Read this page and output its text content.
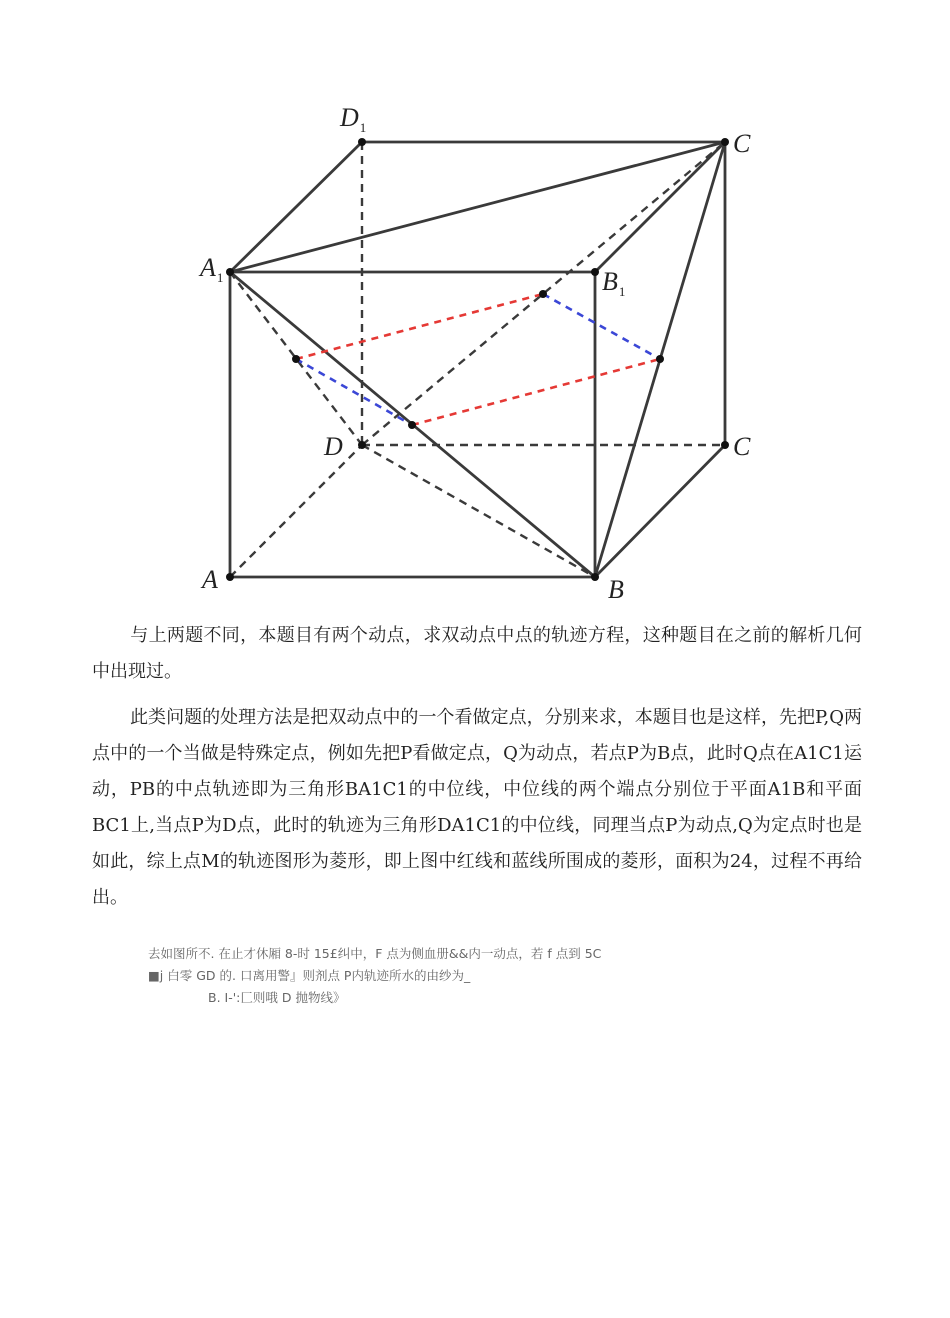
$D_1$
C
$A_1$	$B_1$
D	C
A	B

与上两题不同，本题目有两个动点，求双动点中点的轨迹方程，这种题目在之前的解析几何中出现过。

此类问题的处理方法是把双动点中的一个看做定点，分别来求，本题目也是这样，先把P,Q两点中的一个当做是特殊定点，例如先把P看做定点，Q为动点，若点P为B点，此时Q点在A1C1运动，PB的中点轨迹即为三角形BA1C1的中位线，中位线的两个端点分别位于平面A1B和平面BC1上,当点P为D点，此时的轨迹为三角形DA1C1的中位线，同理当点P为动点,Q为定点时也是如此，综上点M的轨迹图形为菱形，即上图中红线和蓝线所围成的菱形，面积为24，过程不再给出。

去如图所不. 在止才休厢 8-时 15£纠中，F 点为侧血册&&内一动点，若 f 点到 5C

■j 白零 GD 的. 口离用警』则剂点 P内轨迹所水的由纱为_

B. I-':匚则哦 D 抛物线》
